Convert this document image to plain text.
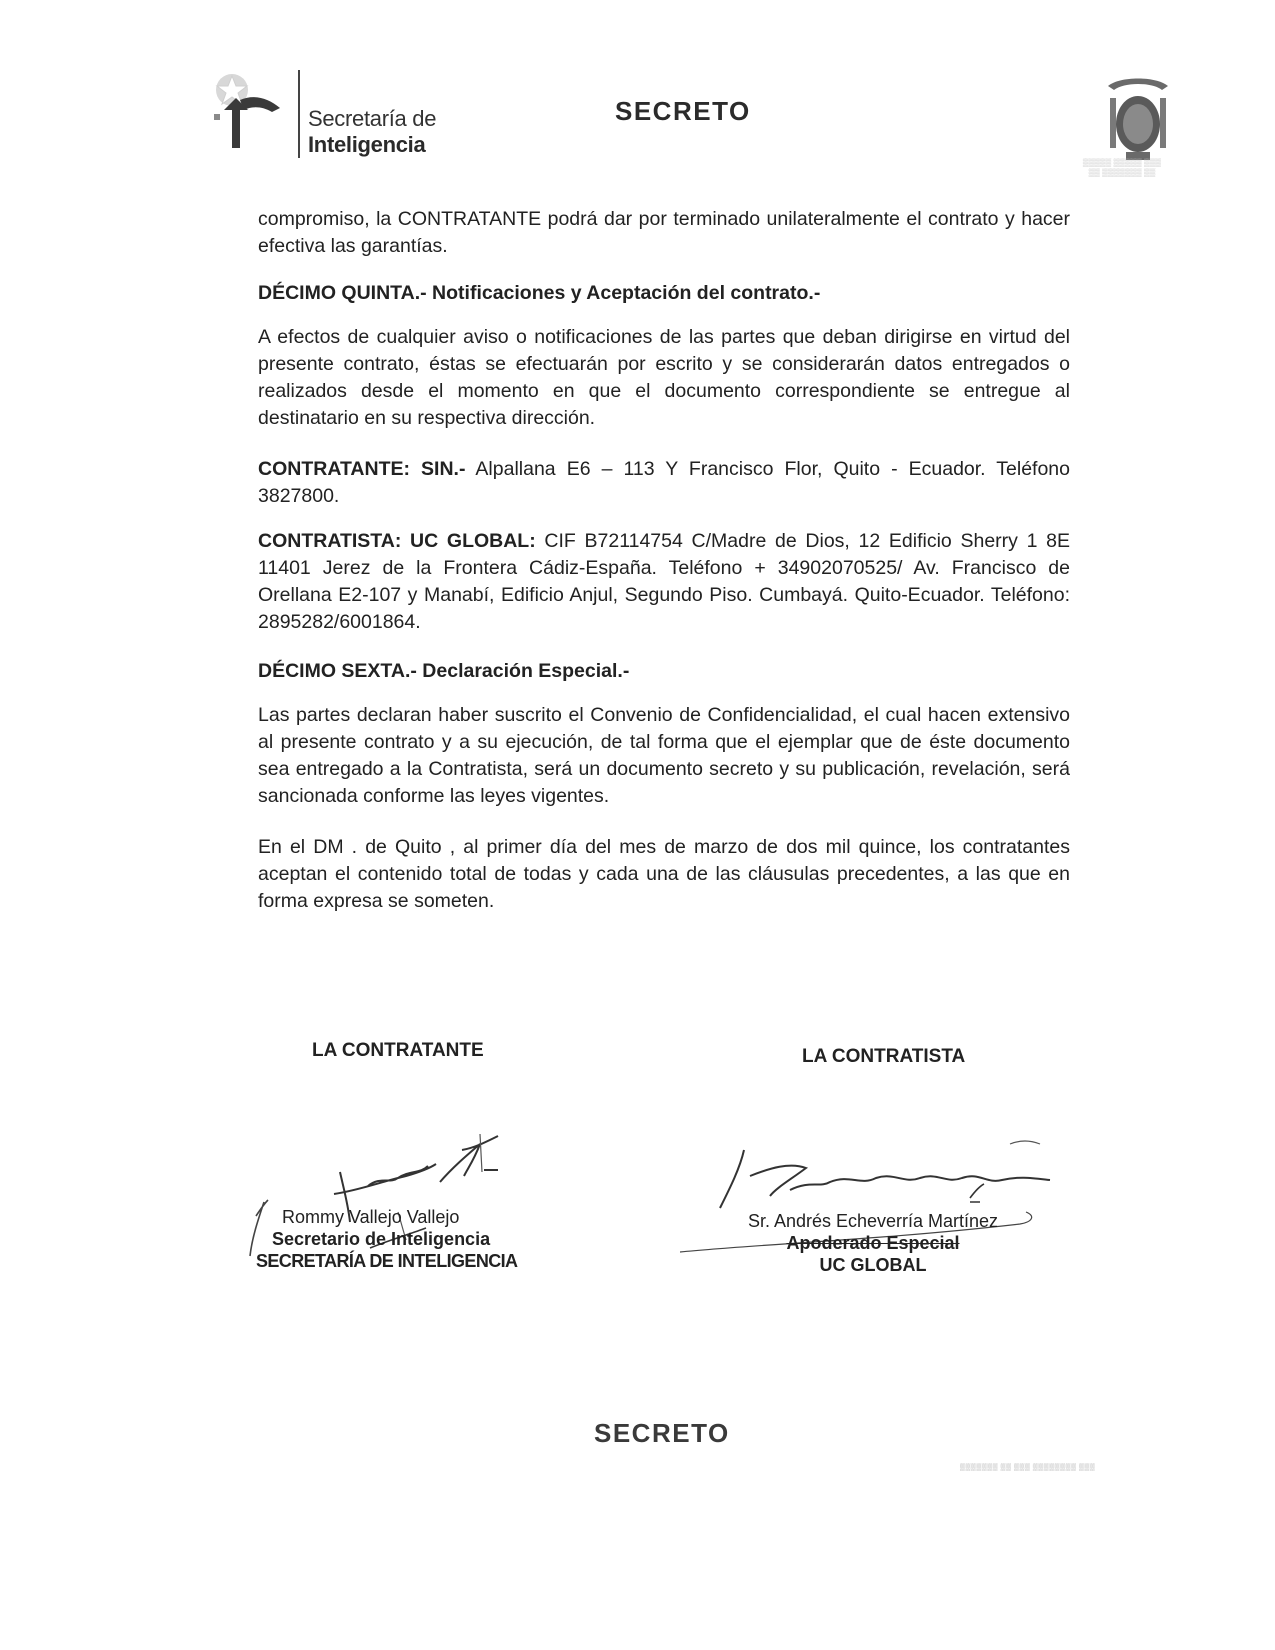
Secretaría de
Inteligencia
SECRETO
▒▒▒▒▒ ▒▒▒▒▒ ▒▒▒
▒▒ ▒▒▒▒▒▒▒ ▒▒

compromiso, la CONTRATANTE podrá dar por terminado unilateralmente el contrato y hacer efectiva las garantías.

DÉCIMO QUINTA.- Notificaciones y Aceptación del contrato.-

A efectos de cualquier aviso o notificaciones de las partes que deban dirigirse en virtud del presente contrato, éstas se efectuarán por escrito y se considerarán datos entregados o realizados desde el momento en que el documento correspondiente se entregue al destinatario en su respectiva dirección.

CONTRATANTE: SIN.- Alpallana E6 – 113 Y Francisco Flor, Quito - Ecuador. Teléfono 3827800.

CONTRATISTA: UC GLOBAL: CIF B72114754 C/Madre de Dios, 12 Edificio Sherry 1 8E 11401 Jerez de la Frontera Cádiz-España. Teléfono + 34902070525/ Av. Francisco de Orellana E2-107 y Manabí, Edificio Anjul, Segundo Piso. Cumbayá. Quito-Ecuador. Teléfono: 2895282/6001864.

DÉCIMO SEXTA.- Declaración Especial.-

Las partes declaran haber suscrito el Convenio de Confidencialidad, el cual hacen extensivo al presente contrato y a su ejecución, de tal forma que el ejemplar que de éste documento sea entregado a la Contratista, será un documento secreto y su publicación, revelación, será sancionada conforme las leyes vigentes.

En el DM . de Quito , al primer día del mes de marzo de dos mil quince, los contratantes aceptan el contenido total de todas y cada una de las cláusulas precedentes, a las que en forma expresa se someten.

LA CONTRATANTE	LA CONTRATISTA
Rommy Vallejo Vallejo
Secretario de Inteligencia
SECRETARÍA DE INTELIGENCIA
Sr. Andrés Echeverría Martínez
Apoderado Especial
UC GLOBAL
SECRETO
▒▒▒▒▒▒▒ ▒▒ ▒▒▒ ▒▒▒▒▒▒▒▒ ▒▒▒
